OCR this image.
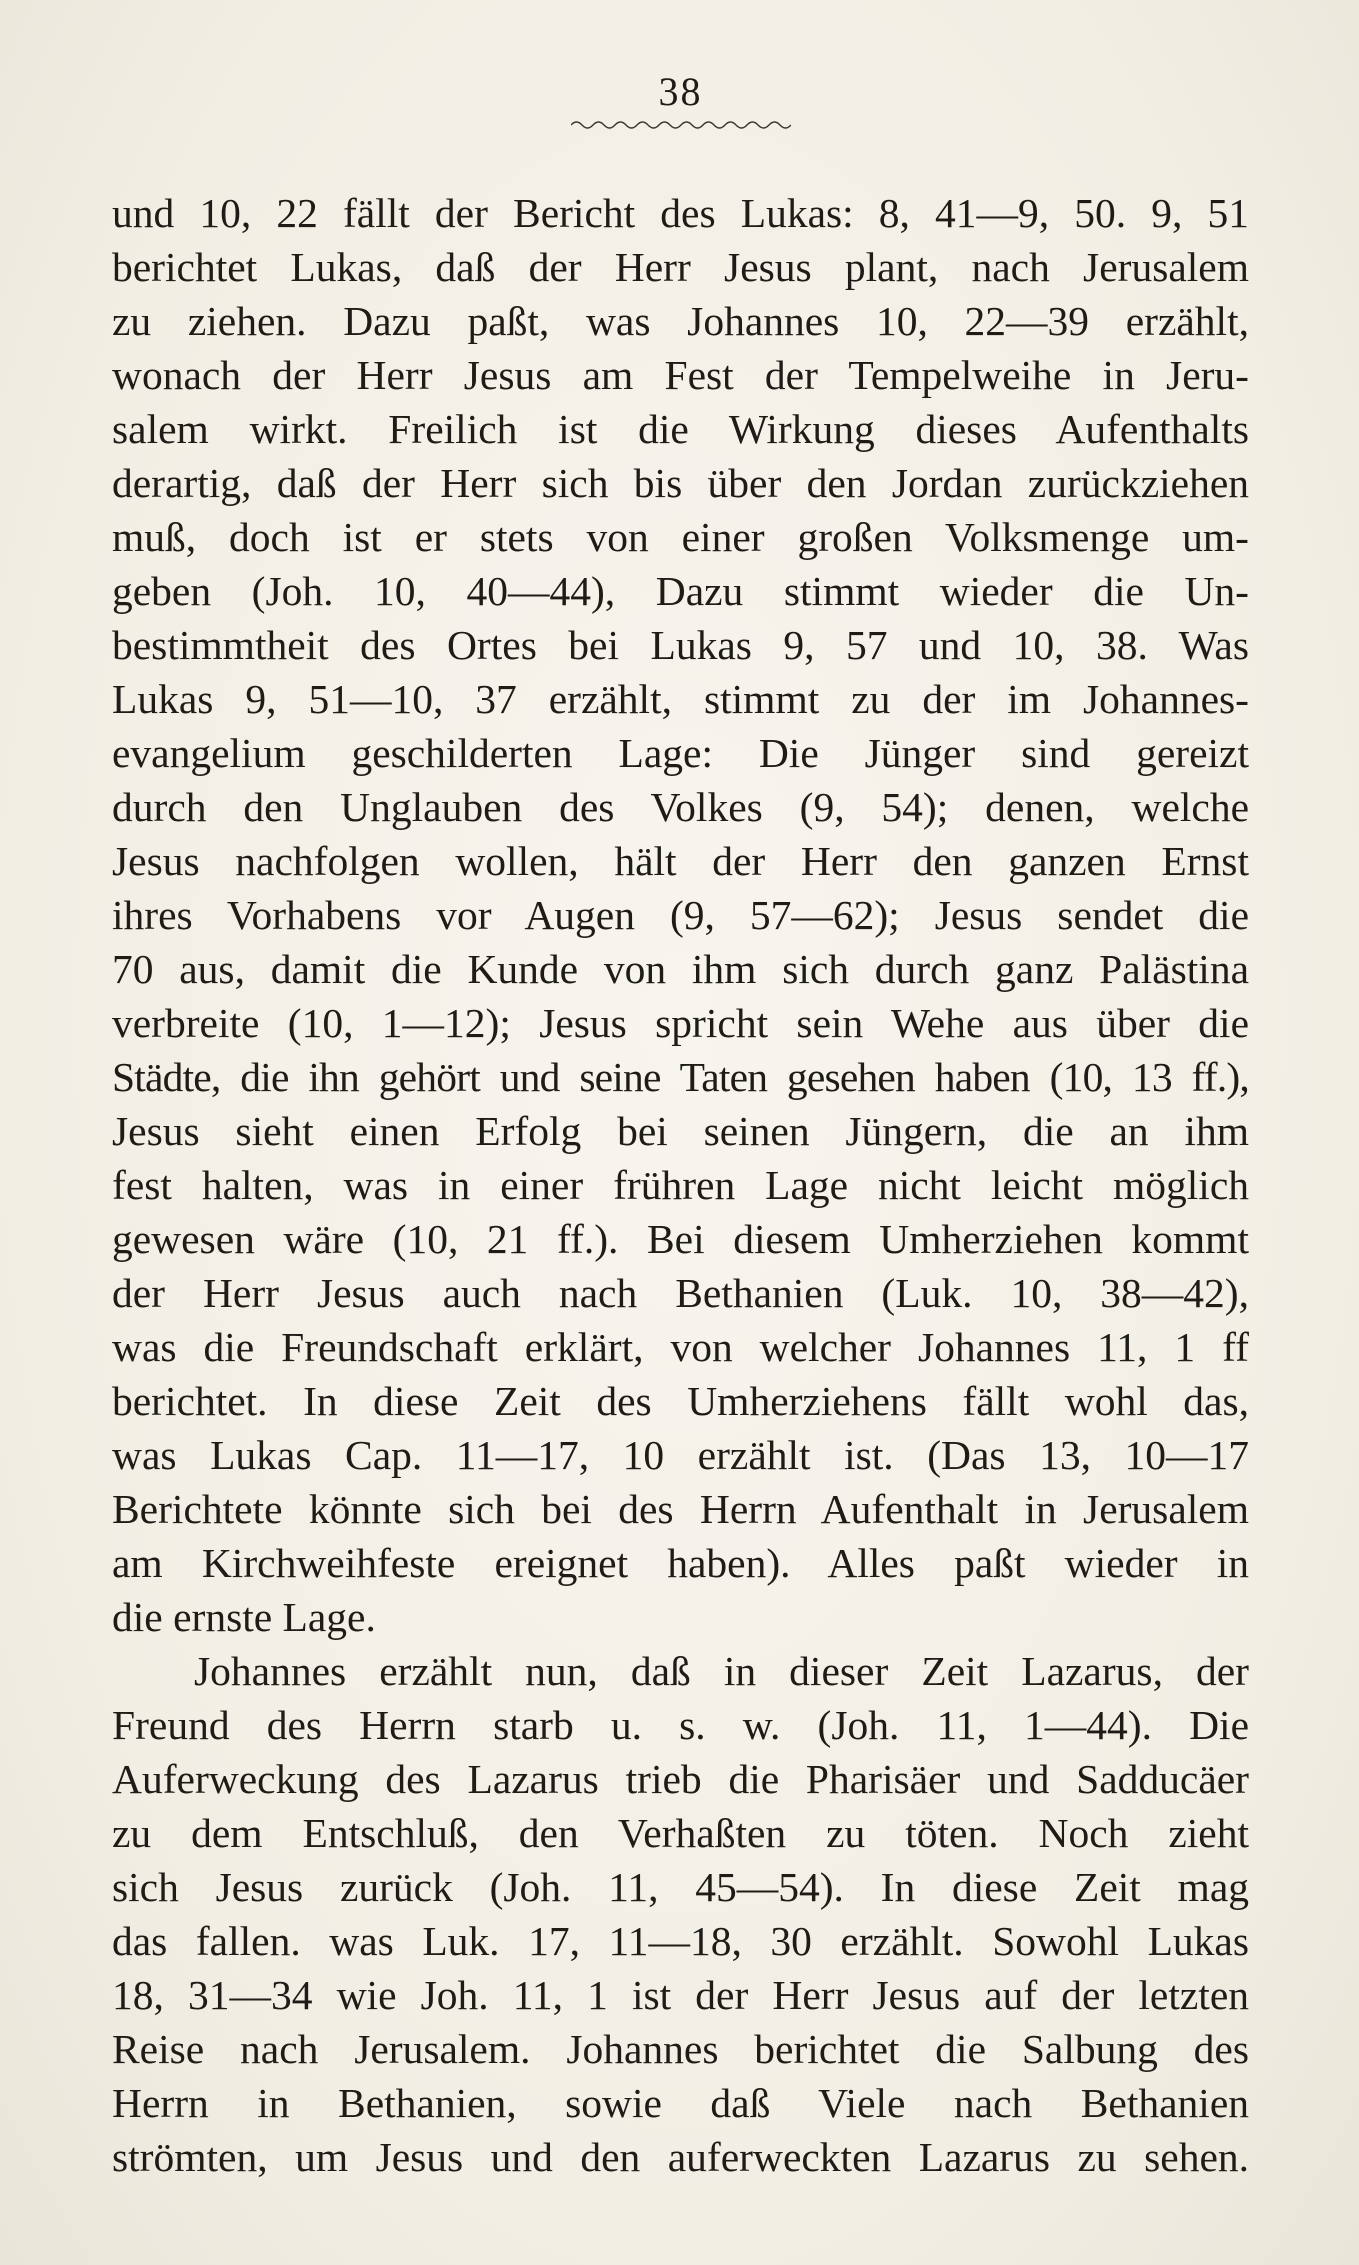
38
und 10, 22 fällt der Bericht des Lukas: 8, 41—9, 50. 9, 51
berichtet Lukas, daß der Herr Jesus plant, nach Jerusalem
zu ziehen. Dazu paßt, was Johannes 10, 22—39 erzählt,
wonach der Herr Jesus am Fest der Tempelweihe in Jeru-
salem wirkt. Freilich ist die Wirkung dieses Aufenthalts
derartig, daß der Herr sich bis über den Jordan zurückziehen
muß, doch ist er stets von einer großen Volksmenge um-
geben (Joh. 10, 40—44), Dazu stimmt wieder die Un-
bestimmtheit des Ortes bei Lukas 9, 57 und 10, 38. Was
Lukas 9, 51—10, 37 erzählt, stimmt zu der im Johannes-
evangelium geschilderten Lage: Die Jünger sind gereizt
durch den Unglauben des Volkes (9, 54); denen, welche
Jesus nachfolgen wollen, hält der Herr den ganzen Ernst
ihres Vorhabens vor Augen (9, 57—62); Jesus sendet die
70 aus, damit die Kunde von ihm sich durch ganz Palästina
verbreite (10, 1—12); Jesus spricht sein Wehe aus über die
Städte, die ihn gehört und seine Taten gesehen haben (10, 13 ff.),
Jesus sieht einen Erfolg bei seinen Jüngern, die an ihm
fest halten, was in einer frühren Lage nicht leicht möglich
gewesen wäre (10, 21 ff.). Bei diesem Umherziehen kommt
der Herr Jesus auch nach Bethanien (Luk. 10, 38—42),
was die Freundschaft erklärt, von welcher Johannes 11, 1 ff
berichtet. In diese Zeit des Umherziehens fällt wohl das,
was Lukas Cap. 11—17, 10 erzählt ist. (Das 13, 10—17
Berichtete könnte sich bei des Herrn Aufenthalt in Jerusalem
am Kirchweihfeste ereignet haben). Alles paßt wieder in
die ernste Lage.
Johannes erzählt nun, daß in dieser Zeit Lazarus, der
Freund des Herrn starb u. s. w. (Joh. 11, 1—44). Die
Auferweckung des Lazarus trieb die Pharisäer und Sadducäer
zu dem Entschluß, den Verhaßten zu töten. Noch zieht
sich Jesus zurück (Joh. 11, 45—54). In diese Zeit mag
das fallen. was Luk. 17, 11—18, 30 erzählt. Sowohl Lukas
18, 31—34 wie Joh. 11, 1 ist der Herr Jesus auf der letzten
Reise nach Jerusalem. Johannes berichtet die Salbung des
Herrn in Bethanien, sowie daß Viele nach Bethanien
strömten, um Jesus und den auferweckten Lazarus zu sehen.
